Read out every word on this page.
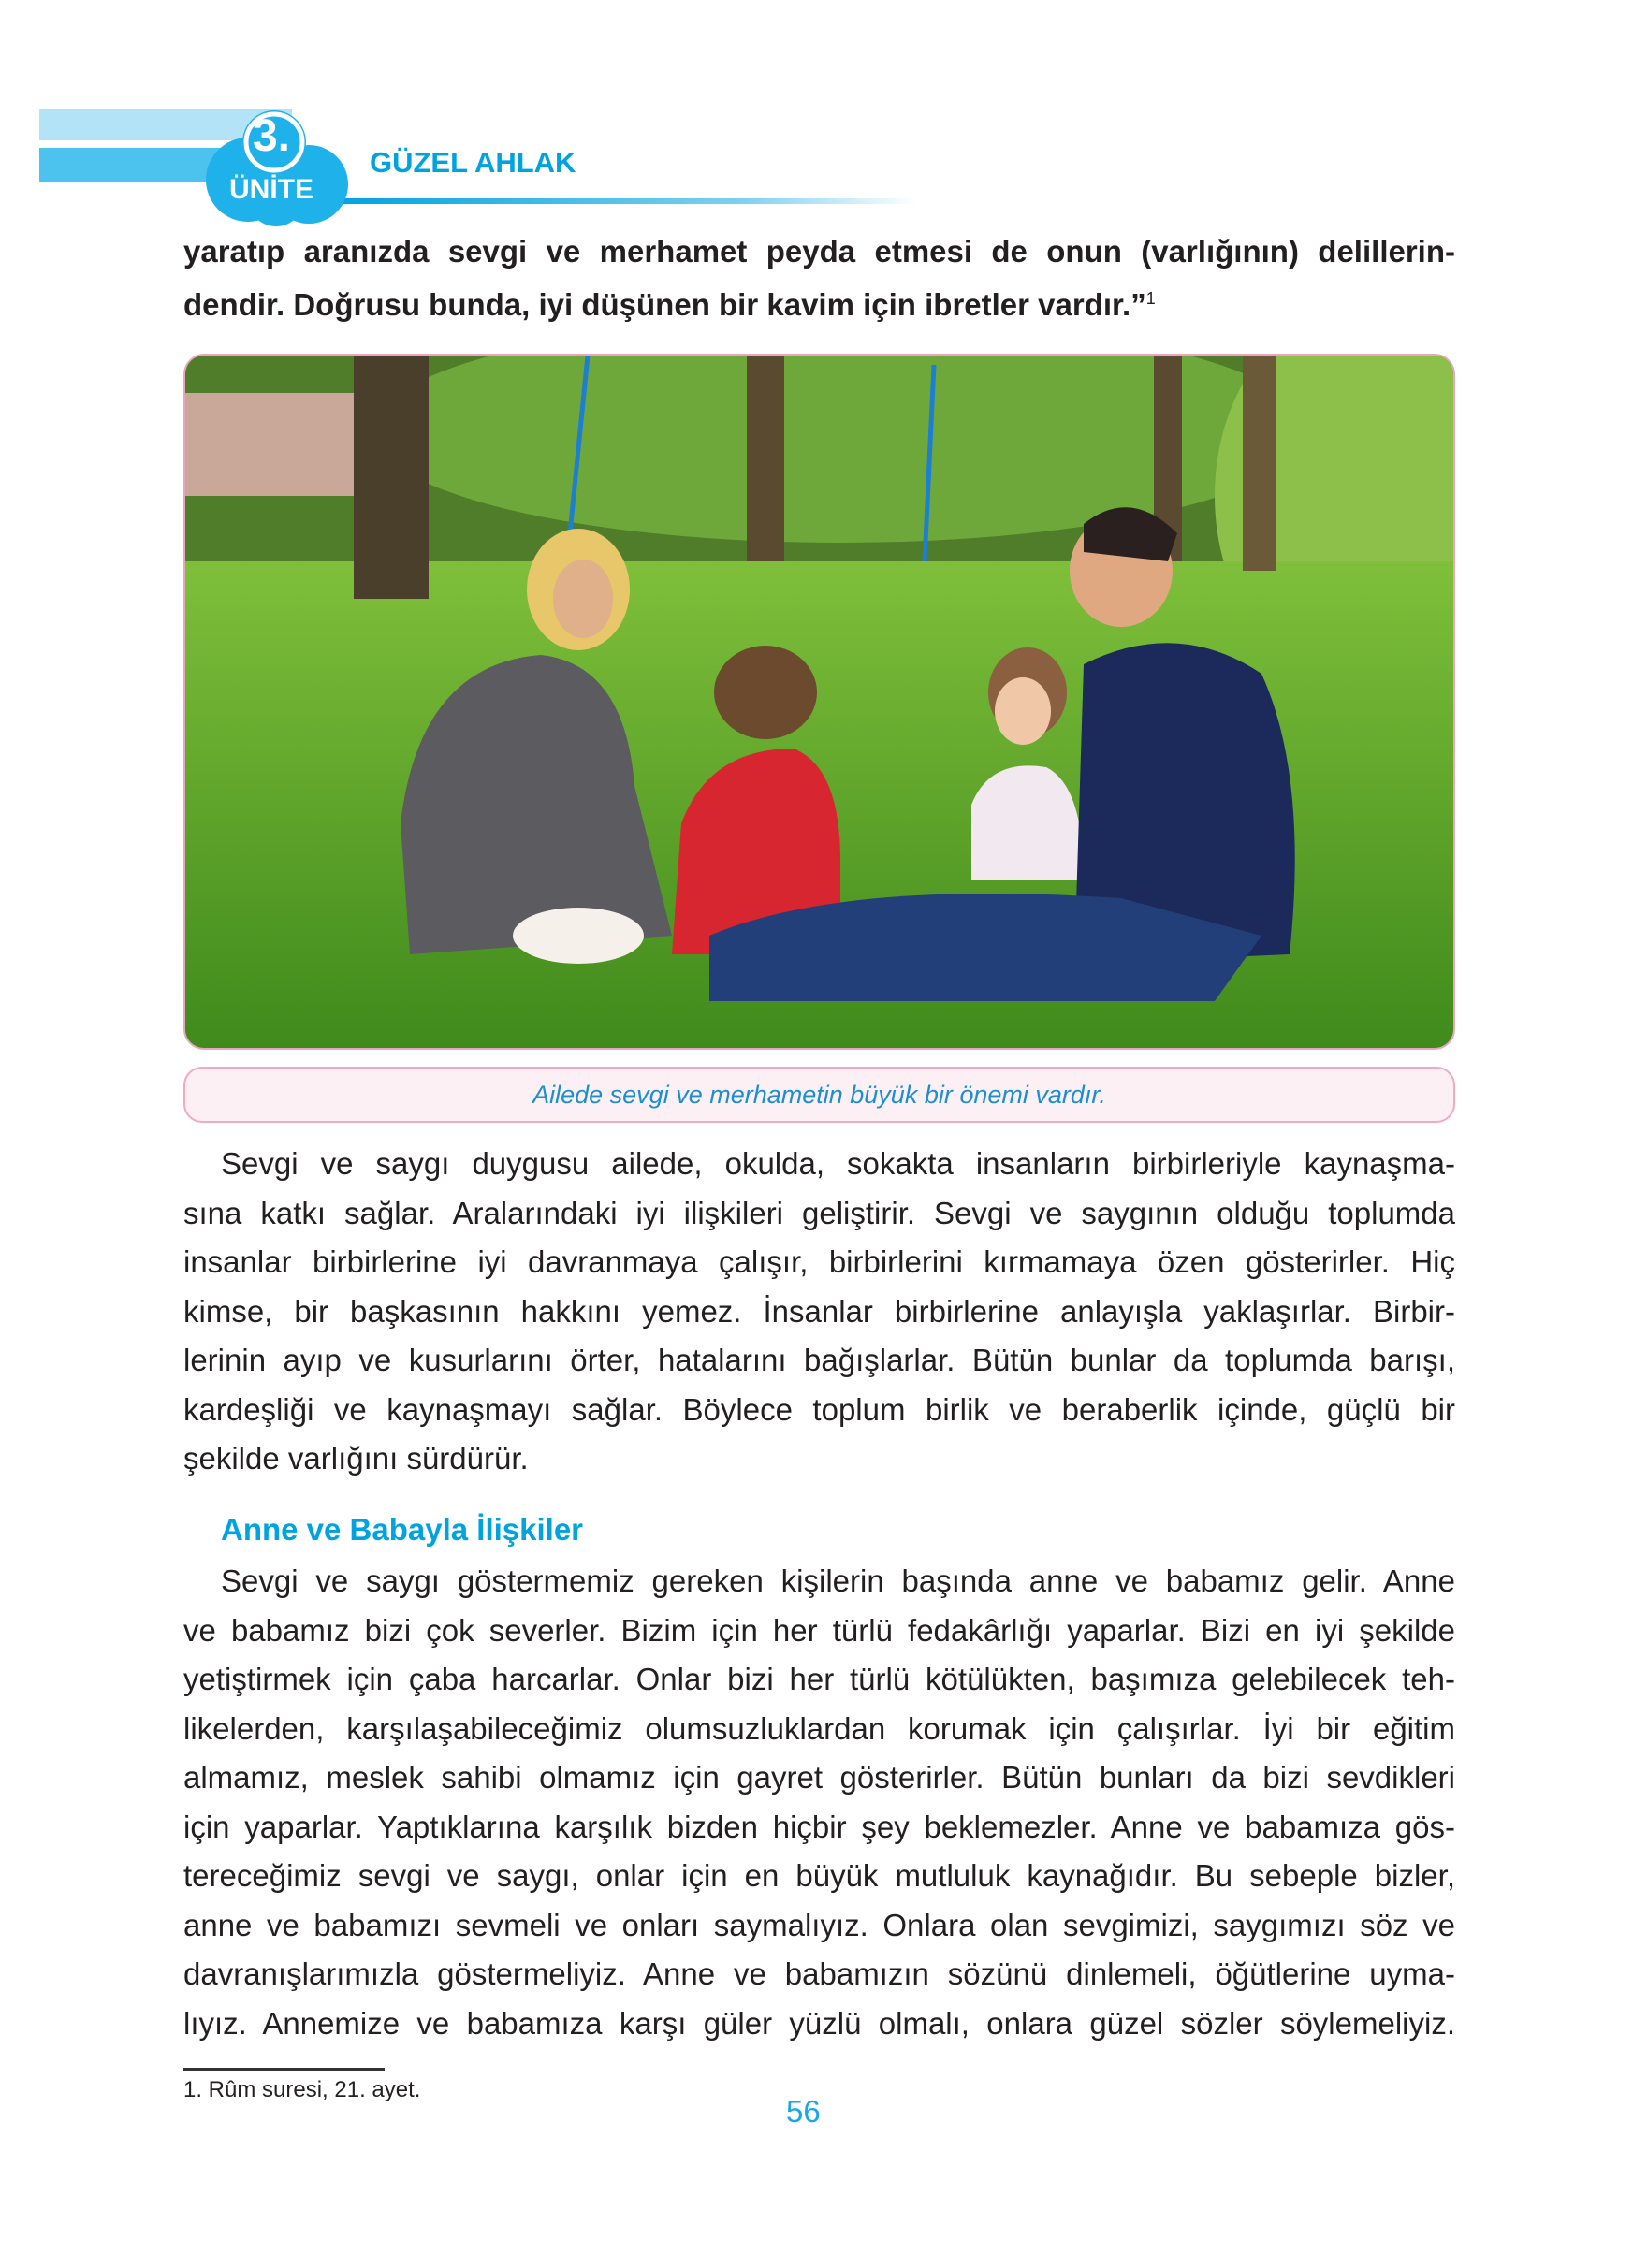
3.
ÜNİTE
GÜZEL AHLAK
yaratıp aranızda sevgi ve merhamet peyda etmesi de onun (varlığının) delillerin-
dendir. Doğrusu bunda, iyi düşünen bir kavim için ibretler vardır.”$^1$
Ailede sevgi ve merhametin büyük bir önemi vardır.
Sevgi ve saygı duygusu ailede, okulda, sokakta insanların birbirleriyle kaynaşma-
sına katkı sağlar. Aralarındaki iyi ilişkileri geliştirir. Sevgi ve saygının olduğu toplumda
insanlar birbirlerine iyi davranmaya çalışır, birbirlerini kırmamaya özen gösterirler. Hiç
kimse, bir başkasının hakkını yemez. İnsanlar birbirlerine anlayışla yaklaşırlar. Birbir-
lerinin ayıp ve kusurlarını örter, hatalarını bağışlarlar. Bütün bunlar da toplumda barışı,
kardeşliği ve kaynaşmayı sağlar. Böylece toplum birlik ve beraberlik içinde, güçlü bir
şekilde varlığını sürdürür.
Anne ve Babayla İlişkiler
Sevgi ve saygı göstermemiz gereken kişilerin başında anne ve babamız gelir. Anne
ve babamız bizi çok severler. Bizim için her türlü fedakârlığı yaparlar. Bizi en iyi şekilde
yetiştirmek için çaba harcarlar. Onlar bizi her türlü kötülükten, başımıza gelebilecek teh-
likelerden, karşılaşabileceğimiz olumsuzluklardan korumak için çalışırlar. İyi bir eğitim
almamız, meslek sahibi olmamız için gayret gösterirler. Bütün bunları da bizi sevdikleri
için yaparlar. Yaptıklarına karşılık bizden hiçbir şey beklemezler. Anne ve babamıza gös-
tereceğimiz sevgi ve saygı, onlar için en büyük mutluluk kaynağıdır. Bu sebeple bizler,
anne ve babamızı sevmeli ve onları saymalıyız. Onlara olan sevgimizi, saygımızı söz ve
davranışlarımızla göstermeliyiz. Anne ve babamızın sözünü dinlemeli, öğütlerine uyma-
lıyız. Annemize ve babamıza karşı güler yüzlü olmalı, onlara güzel sözler söylemeliyiz.
1. Rûm suresi, 21. ayet.
56
